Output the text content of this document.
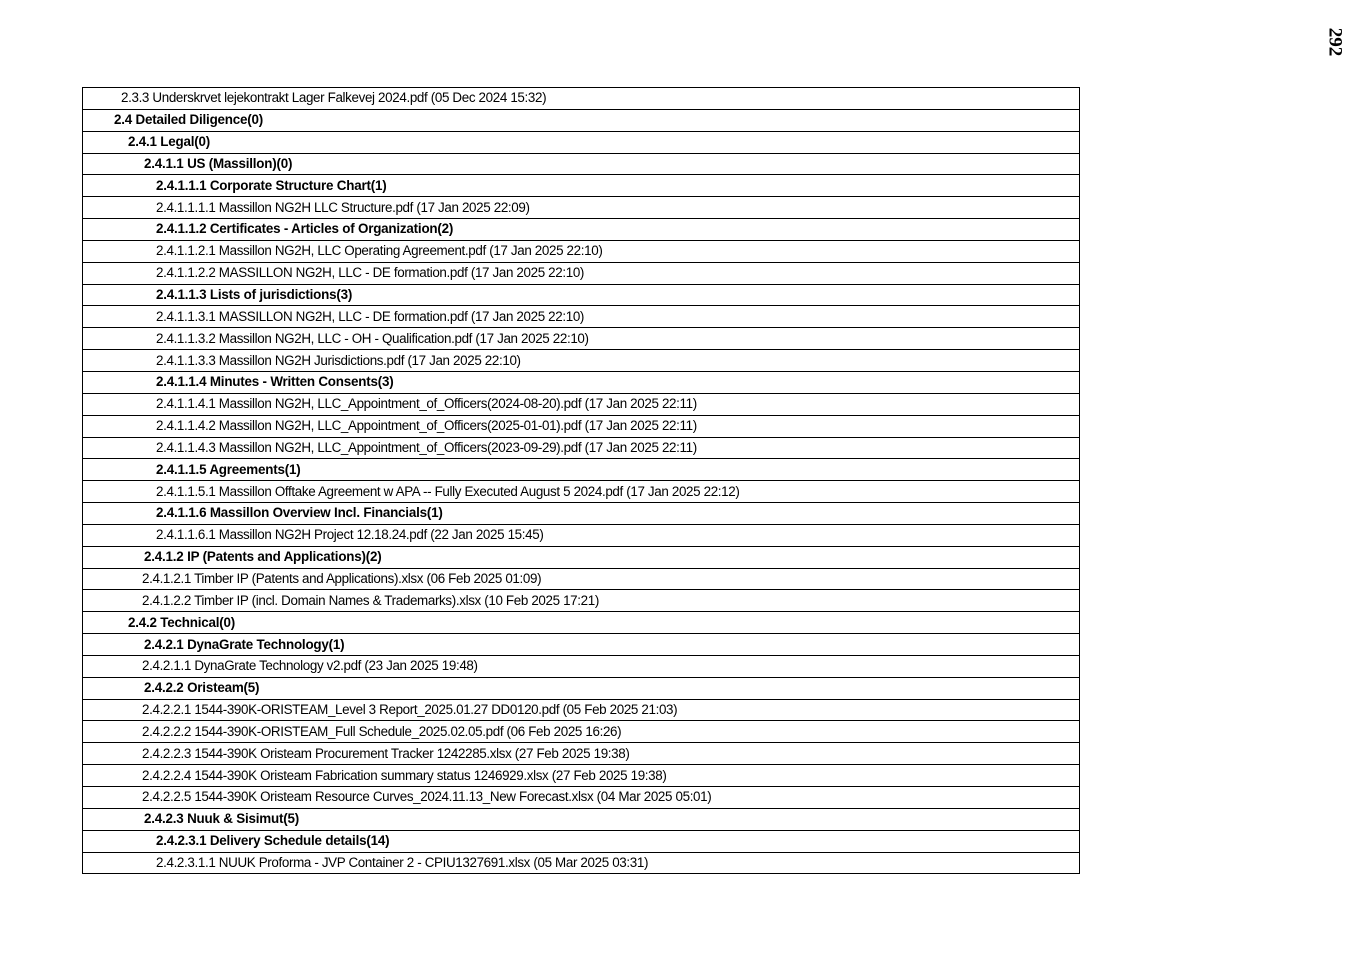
292
2.3.3 Underskrvet lejekontrakt Lager Falkevej 2024.pdf (05 Dec 2024 15:32)
2.4 Detailed Diligence(0)
2.4.1 Legal(0)
2.4.1.1 US (Massillon)(0)
2.4.1.1.1 Corporate Structure Chart(1)
2.4.1.1.1.1 Massillon NG2H LLC Structure.pdf (17 Jan 2025 22:09)
2.4.1.1.2 Certificates - Articles of Organization(2)
2.4.1.1.2.1 Massillon NG2H, LLC Operating Agreement.pdf (17 Jan 2025 22:10)
2.4.1.1.2.2 MASSILLON NG2H, LLC - DE formation.pdf (17 Jan 2025 22:10)
2.4.1.1.3 Lists of jurisdictions(3)
2.4.1.1.3.1 MASSILLON NG2H, LLC - DE formation.pdf (17 Jan 2025 22:10)
2.4.1.1.3.2 Massillon NG2H, LLC - OH - Qualification.pdf (17 Jan 2025 22:10)
2.4.1.1.3.3 Massillon NG2H Jurisdictions.pdf (17 Jan 2025 22:10)
2.4.1.1.4 Minutes - Written Consents(3)
2.4.1.1.4.1 Massillon NG2H, LLC_Appointment_of_Officers(2024-08-20).pdf (17 Jan 2025 22:11)
2.4.1.1.4.2 Massillon NG2H, LLC_Appointment_of_Officers(2025-01-01).pdf (17 Jan 2025 22:11)
2.4.1.1.4.3 Massillon NG2H, LLC_Appointment_of_Officers(2023-09-29).pdf (17 Jan 2025 22:11)
2.4.1.1.5 Agreements(1)
2.4.1.1.5.1 Massillon Offtake Agreement w APA -- Fully Executed August 5 2024.pdf (17 Jan 2025 22:12)
2.4.1.1.6 Massillon Overview Incl. Financials(1)
2.4.1.1.6.1 Massillon NG2H Project 12.18.24.pdf (22 Jan 2025 15:45)
2.4.1.2 IP (Patents and Applications)(2)
2.4.1.2.1 Timber IP (Patents and Applications).xlsx (06 Feb 2025 01:09)
2.4.1.2.2 Timber IP (incl. Domain Names & Trademarks).xlsx (10 Feb 2025 17:21)
2.4.2 Technical(0)
2.4.2.1 DynaGrate Technology(1)
2.4.2.1.1 DynaGrate Technology v2.pdf (23 Jan 2025 19:48)
2.4.2.2 Oristeam(5)
2.4.2.2.1 1544-390K-ORISTEAM_Level 3 Report_2025.01.27 DD0120.pdf (05 Feb 2025 21:03)
2.4.2.2.2 1544-390K-ORISTEAM_Full Schedule_2025.02.05.pdf (06 Feb 2025 16:26)
2.4.2.2.3 1544-390K Oristeam Procurement Tracker 1242285.xlsx (27 Feb 2025 19:38)
2.4.2.2.4 1544-390K Oristeam Fabrication summary status 1246929.xlsx (27 Feb 2025 19:38)
2.4.2.2.5 1544-390K Oristeam Resource Curves_2024.11.13_New Forecast.xlsx (04 Mar 2025 05:01)
2.4.2.3 Nuuk & Sisimut(5)
2.4.2.3.1 Delivery Schedule details(14)
2.4.2.3.1.1 NUUK Proforma - JVP Container 2 - CPIU1327691.xlsx (05 Mar 2025 03:31)
